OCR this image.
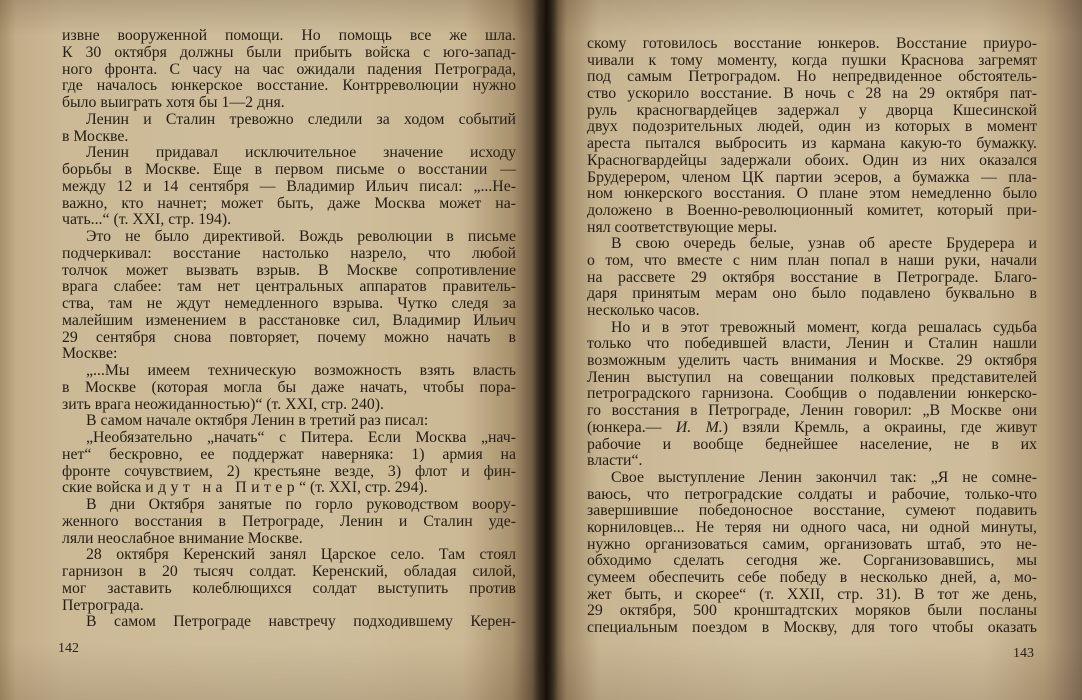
извне вооруженной помощи. Но помощь все же шла.
К 30 октября должны были прибыть войска с юго-запад-
ного фронта. С часу на час ожидали падения Петрограда,
где началось юнкерское восстание. Контрреволюции нужно
было выиграть хотя бы 1—2 дня.
Ленин и Сталин тревожно следили за ходом событий
в Москве.
Ленин придавал исключительное значение исходу
борьбы в Москве. Еще в первом письме о восстании —
между 12 и 14 сентября — Владимир Ильич писал: „...Не-
важно, кто начнет; может быть, даже Москва может на-
чать...“ (т. XXI, стр. 194).
Это не было директивой. Вождь революции в письме
подчеркивал: восстание настолько назрело, что любой
толчок может вызвать взрыв. В Москве сопротивление
врага слабее: там нет центральных аппаратов правитель-
ства, там не ждут немедленного взрыва. Чутко следя за
малейшим изменением в расстановке сил, Владимир Ильич
29 сентября снова повторяет, почему можно начать в
Москве:
„...Мы имеем техническую возможность взять власть
в Москве (которая могла бы даже начать, чтобы пора-
зить врага неожиданностью)“ (т. XXI, стр. 240).
В самом начале октября Ленин в третий раз писал:
„Необязательно „начать“ с Питера. Если Москва „нач-
нет“ бескровно, ее поддержат наверняка: 1) армия на
фронте сочувствием, 2) крестьяне везде, 3) флот и фин-
ские войска идут на Питер“ (т. XXI, стр. 294).
В дни Октября занятые по горло руководством воору-
женного восстания в Петрограде, Ленин и Сталин уде-
ляли неослабное внимание Москве.
28 октября Керенский занял Царское село. Там стоял
гарнизон в 20 тысяч солдат. Керенский, обладая силой,
мог заставить колеблющихся солдат выступить против
Петрограда.
В самом Петрограде навстречу подходившему Керен-
142
скому готовилось восстание юнкеров. Восстание приуро-
чивали к тому моменту, когда пушки Краснова загремят
под самым Петроградом. Но непредвиденное обстоятель-
ство ускорило восстание. В ночь с 28 на 29 октября пат-
руль красногвардейцев задержал у дворца Кшесинской
двух подозрительных людей, один из которых в момент
ареста пытался выбросить из кармана какую-то бумажку.
Красногвардейцы задержали обоих. Один из них оказался
Брудерером, членом ЦК партии эсеров, а бумажка — пла-
ном юнкерского восстания. О плане этом немедленно было
доложено в Военно-революционный комитет, который при-
нял соответствующие меры.
В свою очередь белые, узнав об аресте Брудерера и
о том, что вместе с ним план попал в наши руки, начали
на рассвете 29 октября восстание в Петрограде. Благо-
даря принятым мерам оно было подавлено буквально в
несколько часов.
Но и в этот тревожный момент, когда решалась судьба
только что победившей власти, Ленин и Сталин нашли
возможным уделить часть внимания и Москве. 29 октября
Ленин выступил на совещании полковых представителей
петроградского гарнизона. Сообщив о подавлении юнкерско-
го восстания в Петрограде, Ленин говорил: „В Москве они
(юнкера.— И. М.) взяли Кремль, а окраины, где живут
рабочие и вообще беднейшее население, не в их
власти“.
Свое выступление Ленин закончил так: „Я не сомне-
ваюсь, что петроградские солдаты и рабочие, только-что
завершившие победоносное восстание, сумеют подавить
корниловцев... Не теряя ни одного часа, ни одной минуты,
нужно организоваться самим, организовать штаб, это не-
обходимо сделать сегодня же. Сорганизовавшись, мы
сумеем обеспечить себе победу в несколько дней, а, мо-
жет быть, и скорее“ (т. XXII, стр. 31). В тот же день,
29 октября, 500 кронштадтских моряков были посланы
специальным поездом в Москву, для того чтобы оказать
143
